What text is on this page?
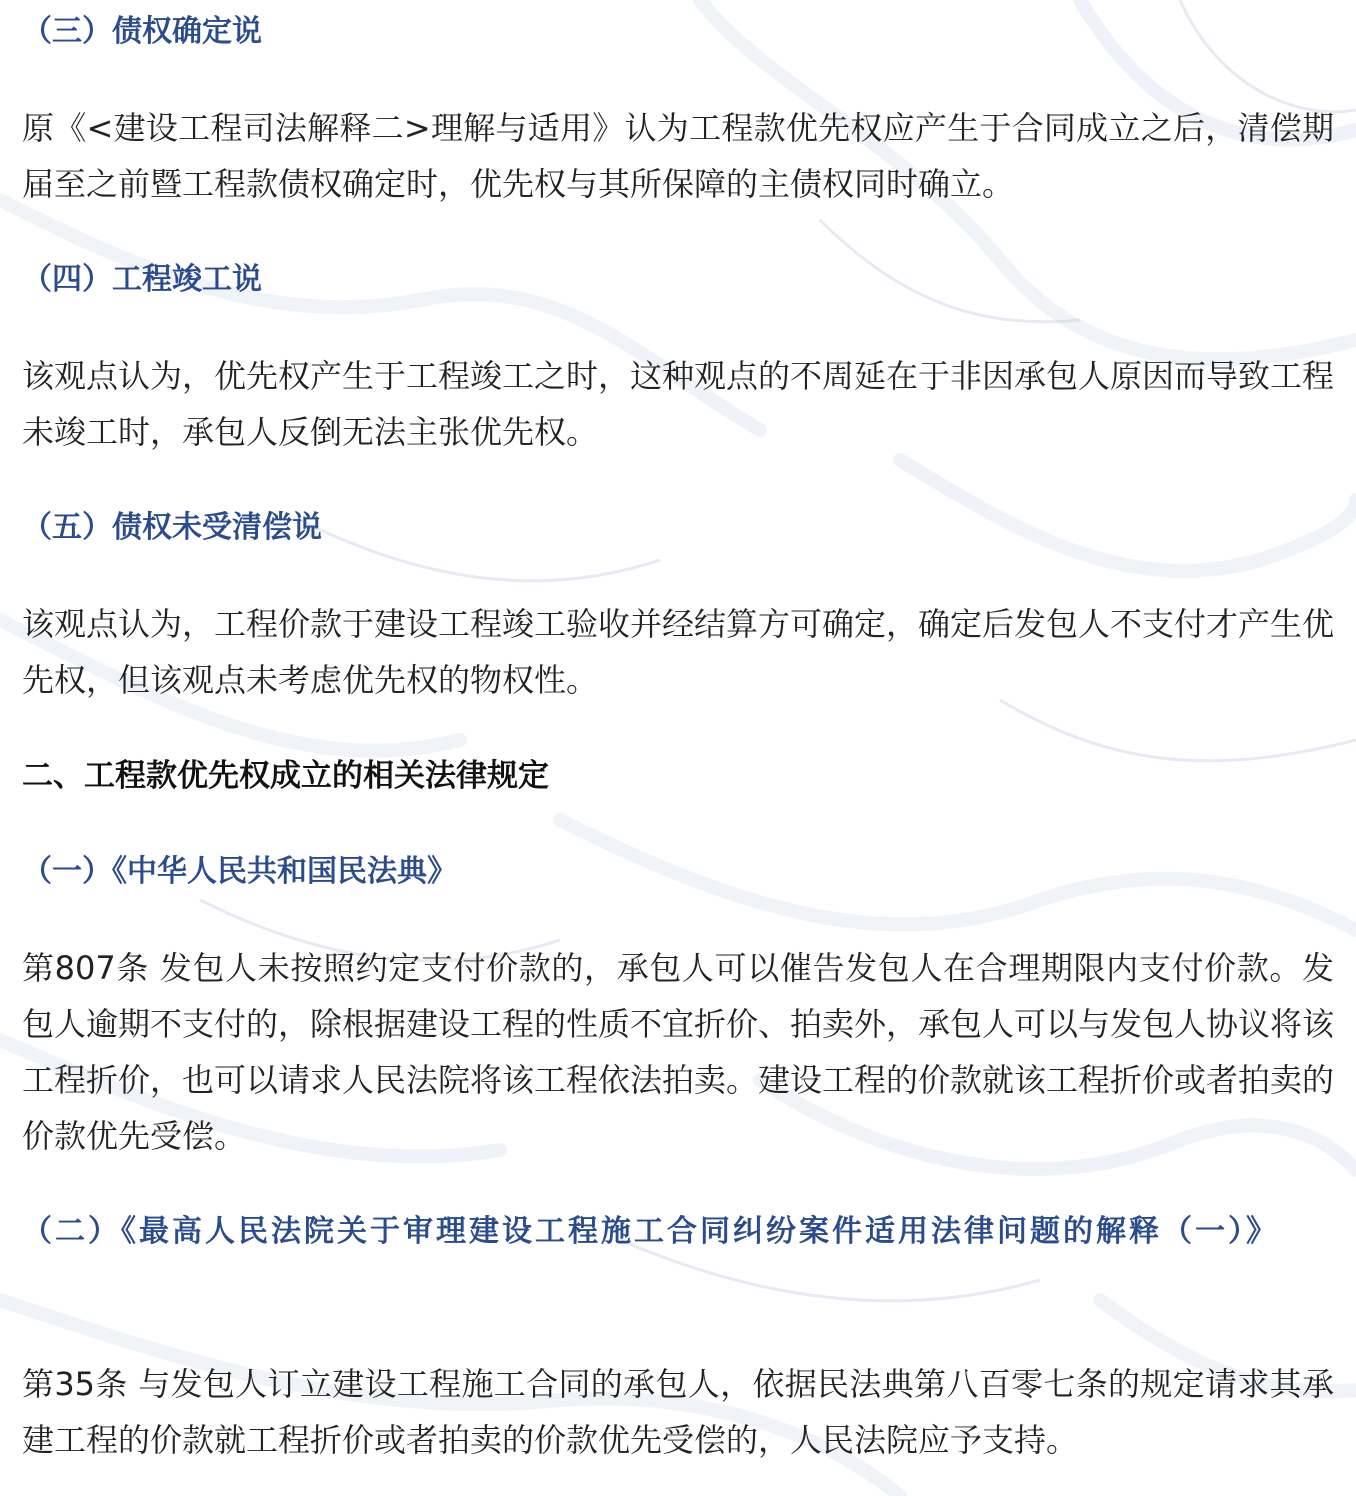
（三）债权确定说
原《<建设工程司法解释二>理解与适用》认为工程款优先权应产生于合同成立之后，清偿期届至之前暨工程款债权确定时，优先权与其所保障的主债权同时确立。
（四）工程竣工说
该观点认为，优先权产生于工程竣工之时，这种观点的不周延在于非因承包人原因而导致工程未竣工时，承包人反倒无法主张优先权。
（五）债权未受清偿说
该观点认为，工程价款于建设工程竣工验收并经结算方可确定，确定后发包人不支付才产生优先权，但该观点未考虑优先权的物权性。
二、工程款优先权成立的相关法律规定
（一）《中华人民共和国民法典》
第807条 发包人未按照约定支付价款的，承包人可以催告发包人在合理期限内支付价款。发包人逾期不支付的，除根据建设工程的性质不宜折价、拍卖外，承包人可以与发包人协议将该工程折价，也可以请求人民法院将该工程依法拍卖。建设工程的价款就该工程折价或者拍卖的价款优先受偿。
（二）《最高人民法院关于审理建设工程施工合同纠纷案件适用法律问题的解释（一）》
第35条 与发包人订立建设工程施工合同的承包人，依据民法典第八百零七条的规定请求其承建工程的价款就工程折价或者拍卖的价款优先受偿的，人民法院应予支持。
